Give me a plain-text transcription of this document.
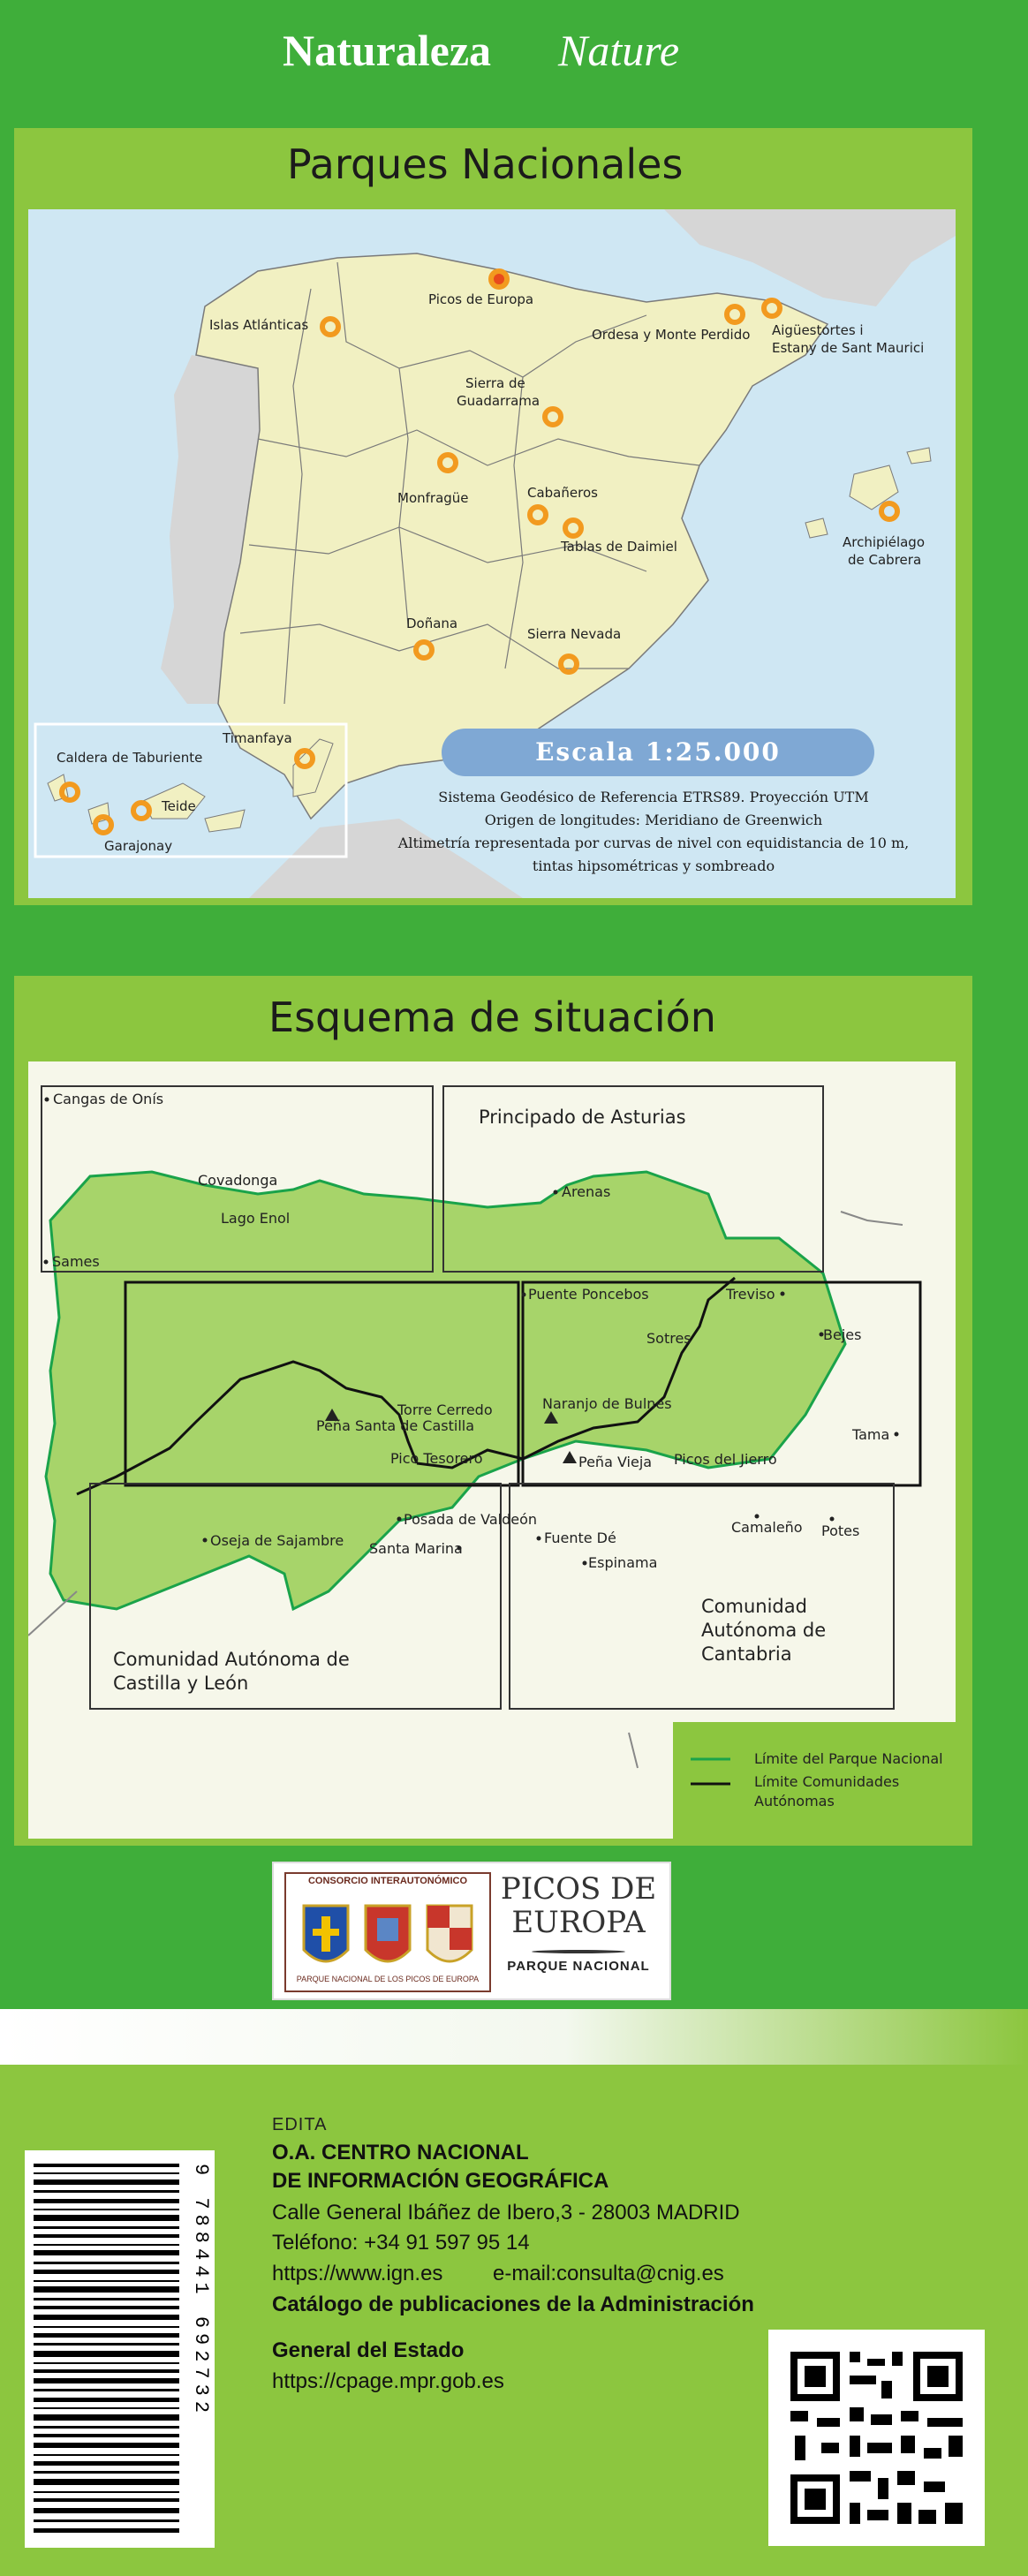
Naturaleza Nature
Parques Nacionales
Islas Atlánticas
Picos de Europa
Ordesa y Monte Perdido Aigüestortes i
Estany de Sant Maurici
Sierra de
Guadarrama
Monfragüe	Cabañeros
Tablas de Daimiel	Archipiélago
de Cabrera
Doñana
Sierra Nevada
Timanfaya
Caldera de Taburiente
Teide
Garajonay
Escala 1:25.000
Sistema Geodésico de Referencia ETRS89. Proyección UTM
Origen de longitudes: Meridiano de Greenwich
Altimetría representada por curvas de nivel con equidistancia de 10 m,
tintas hipsométricas y sombreado
Esquema de situación
Cangas de Onís
Covadonga
Lago Enol
Sames
Arenas
Puente Poncebos	Treviso
Sotres	Bejes
Tama
Peña Santa de Castilla
Torre Cerredo	Naranjo de Bulnes
Pico Tesorero	Peña Vieja Picos del Jierro
Posada de Valdeón
Oseja de Sajambre Santa Marina
Fuente Dé
Espinama
Camaleño Potes
Principado de Asturias
Comunidad Autónoma de
Castilla y León
Comunidad
Autónoma de
Cantabria
Límite del Parque Nacional
Límite Comunidades
Autónomas
CONSORCIO INTERAUTONÓMICO
PARQUE NACIONAL DE LOS PICOS DE EUROPA
PICOS DE
EUROPA
PARQUE NACIONAL
EDITA
O.A. CENTRO NACIONAL
DE INFORMACIÓN GEOGRÁFICA
Calle General Ibáñez de Ibero,3 - 28003 MADRID
Teléfono: +34 91 597 95 14
https://www.ign.es e-mail:consulta@cnig.es
Catálogo de publicaciones de la Administración
General del Estado
https://cpage.mpr.gob.es
9 788441 692732
